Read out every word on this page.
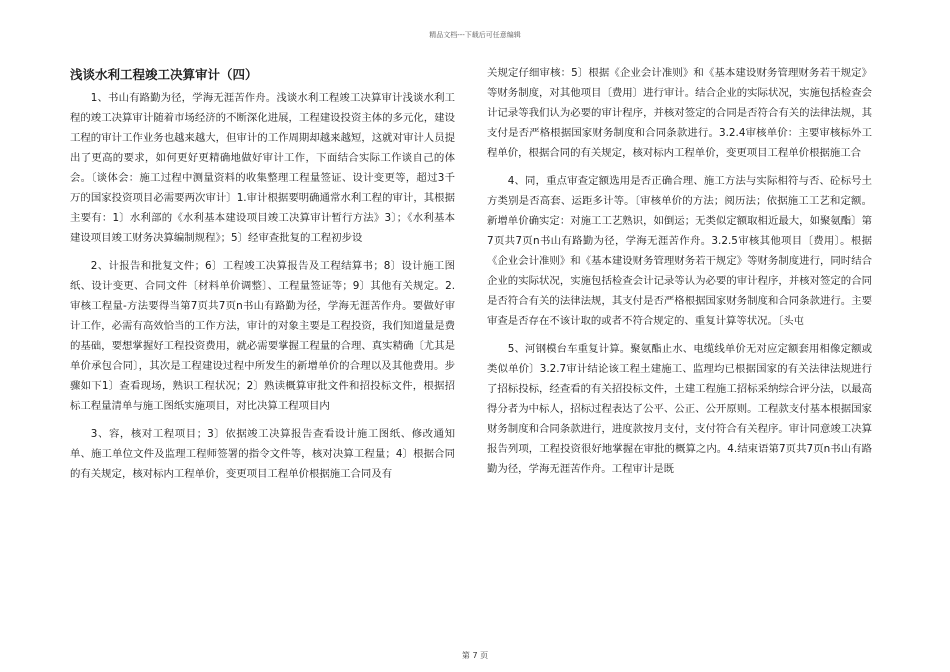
精品文档---下载后可任意编辑
浅谈水利工程竣工决算审计（四）

1、书山有路勤为径，学海无涯苦作舟。浅谈水利工程竣工决算审计浅谈水利工程的竣工决算审计随着市场经济的不断深化进展，工程建设投资主体的多元化，建设工程的审计工作业务也越来越大，但审计的工作周期却越来越短，这就对审计人员提出了更高的要求，如何更好更精确地做好审计工作，下面结合实际工作谈自己的体会。〔谈体会：施工过程中测量资料的收集整理工程量签证、设计变更等，超过3千万的国家投资项目必需要两次审计〕1.审计根据要明确通常水利工程的审计，其根据主要有：1〕水利部的《水利基本建设项目竣工决算审计暂行方法》3〕；《水利基本建设项目竣工财务决算编制规程》；5〕经审查批复的工程初步设

2、计报告和批复文件；6〕工程竣工决算报告及工程结算书；8〕设计施工图纸、设计变更、合同文件〔材料单价调整〕、工程量签证等；9〕其他有关规定。2.审核工程量-方法要得当第7页共7页n书山有路勤为径，学海无涯苦作舟。要做好审计工作，必需有高效恰当的工作方法，审计的对象主要是工程投资，我们知道量是费的基础，要想掌握好工程投资费用，就必需要掌握工程量的合理、真实精确〔尤其是单价承包合同〕，其次是工程建设过程中所发生的新增单价的合理以及其他费用。步骤如下1〕查看现场，熟识工程状况；2〕熟读概算审批文件和招投标文件，根据招标工程量清单与施工图纸实施项目，对比决算工程项目内

3、容，核对工程项目；3〕依据竣工决算报告查看设计施工图纸、修改通知单、施工单位文件及监理工程师签署的指令文件等，核对决算工程量；4〕根据合同的有关规定，核对标内工程单价，变更项目工程单价根据施工合同及有

关规定仔细审核：5〕根据《企业会计准则》和《基本建设财务管理财务若干规定》等财务制度，对其他项目〔费用〕进行审计。结合企业的实际状况，实施包括检查会计记录等我们认为必要的审计程序，并核对签定的合同是否符合有关的法律法规，其支付是否严格根据国家财务制度和合同条款进行。3.2.4审核单价：主要审核标外工程单价，根据合同的有关规定，核对标内工程单价，变更项目工程单价根据施工合

4、同，重点审查定额选用是否正确合理、施工方法与实际相符与否、砼标号土方类别是否高套、运距多计等。〔审核单价的方法；阅历法；依据施工工艺和定额。新增单价确实定：对施工工艺熟识，如倒运；无类似定额取相近最大，如聚氨酯〕第7页共7页n书山有路勤为径，学海无涯苦作舟。3.2.5审核其他项目〔费用〕。根据《企业会计准则》和《基本建设财务管理财务若干规定》等财务制度进行，同时结合企业的实际状况，实施包括检查会计记录等认为必要的审计程序，并核对签定的合同是否符合有关的法律法规，其支付是否严格根据国家财务制度和合同条款进行。主要审查是否存在不该计取的或者不符合规定的、重复计算等状况。〔头屯

5、河钢模台车重复计算。聚氨酯止水、电缆线单价无对应定额套用相像定额或类似单价〕3.2.7审计结论该工程土建施工、监理均已根据国家的有关法律法规进行了招标投标，经查看的有关招投标文件，土建工程施工招标采纳综合评分法，以最高得分者为中标人，招标过程表达了公平、公正、公开原则。工程款支付基本根据国家财务制度和合同条款进行，进度款按月支付，支付符合有关程序。审计同意竣工决算报告列项，工程投资很好地掌握在审批的概算之内。4.结束语第7页共7页n书山有路勤为径，学海无涯苦作舟。工程审计是既

第 7 页
